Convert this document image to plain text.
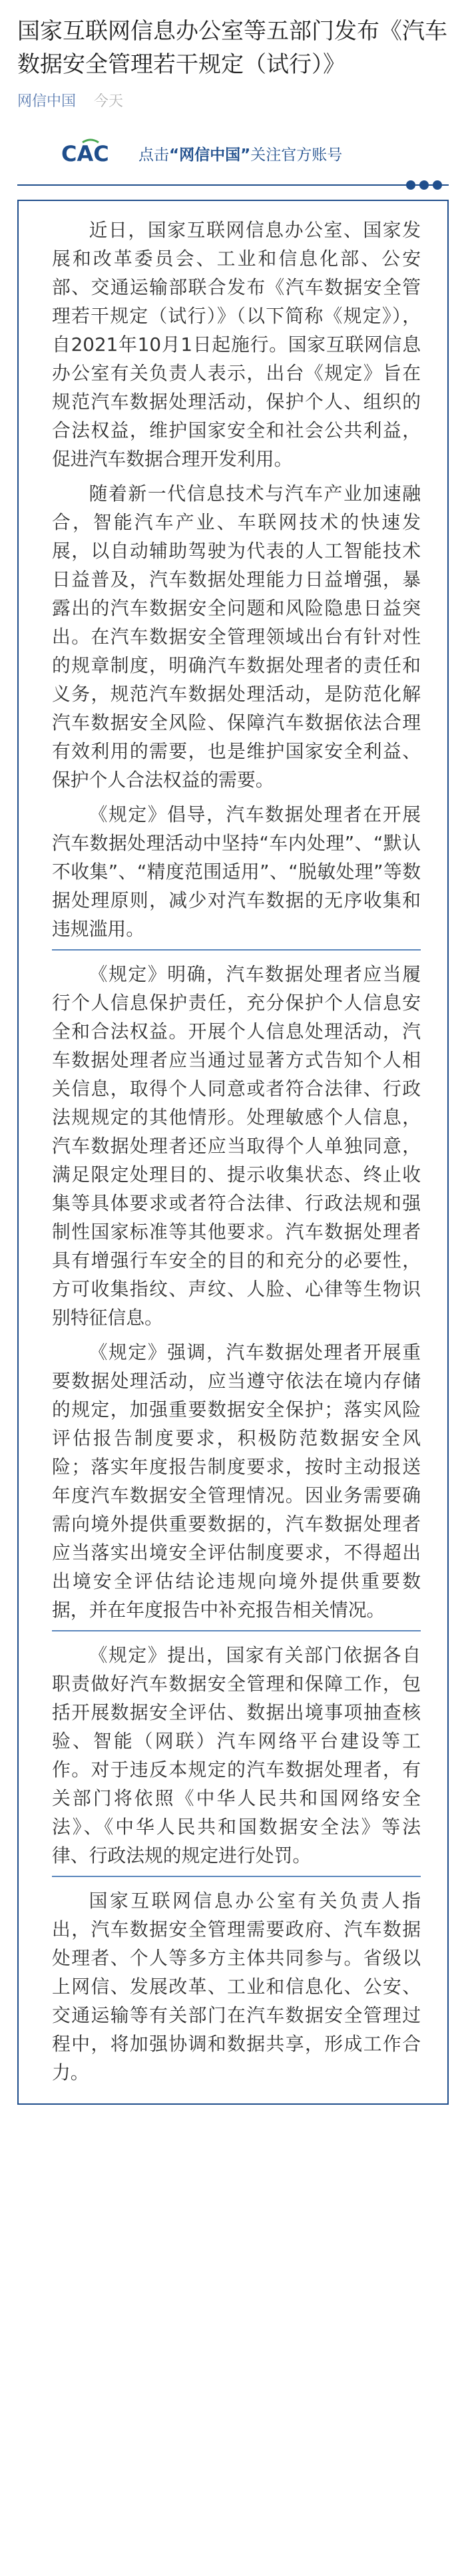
国家互联网信息办公室等五部门发布《汽车数据安全管理若干规定（试行）》
网信中国 今天
CAC 点击“网信中国”关注官方账号

近日，国家互联网信息办公室、国家发展和改革委员会、工业和信息化部、公安部、交通运输部联合发布《汽车数据安全管理若干规定（试行）》（以下简称《规定》），自2021年10月1日起施行。国家互联网信息办公室有关负责人表示，出台《规定》旨在规范汽车数据处理活动，保护个人、组织的合法权益，维护国家安全和社会公共利益，促进汽车数据合理开发利用。

随着新一代信息技术与汽车产业加速融合，智能汽车产业、车联网技术的快速发展，以自动辅助驾驶为代表的人工智能技术日益普及，汽车数据处理能力日益增强，暴露出的汽车数据安全问题和风险隐患日益突出。在汽车数据安全管理领域出台有针对性的规章制度，明确汽车数据处理者的责任和义务，规范汽车数据处理活动，是防范化解汽车数据安全风险、保障汽车数据依法合理有效利用的需要，也是维护国家安全利益、保护个人合法权益的需要。

《规定》倡导，汽车数据处理者在开展汽车数据处理活动中坚持“车内处理”、“默认不收集”、“精度范围适用”、“脱敏处理”等数据处理原则，减少对汽车数据的无序收集和违规滥用。

《规定》明确，汽车数据处理者应当履行个人信息保护责任，充分保护个人信息安全和合法权益。开展个人信息处理活动，汽车数据处理者应当通过显著方式告知个人相关信息，取得个人同意或者符合法律、行政法规规定的其他情形。处理敏感个人信息，汽车数据处理者还应当取得个人单独同意，满足限定处理目的、提示收集状态、终止收集等具体要求或者符合法律、行政法规和强制性国家标准等其他要求。汽车数据处理者具有增强行车安全的目的和充分的必要性，方可收集指纹、声纹、人脸、心律等生物识别特征信息。

《规定》强调，汽车数据处理者开展重要数据处理活动，应当遵守依法在境内存储的规定，加强重要数据安全保护；落实风险评估报告制度要求，积极防范数据安全风险；落实年度报告制度要求，按时主动报送年度汽车数据安全管理情况。因业务需要确需向境外提供重要数据的，汽车数据处理者应当落实出境安全评估制度要求，不得超出出境安全评估结论违规向境外提供重要数据，并在年度报告中补充报告相关情况。

《规定》提出，国家有关部门依据各自职责做好汽车数据安全管理和保障工作，包括开展数据安全评估、数据出境事项抽查核验、智能（网联）汽车网络平台建设等工作。对于违反本规定的汽车数据处理者，有关部门将依照《中华人民共和国网络安全法》、《中华人民共和国数据安全法》等法律、行政法规的规定进行处罚。

国家互联网信息办公室有关负责人指出，汽车数据安全管理需要政府、汽车数据处理者、个人等多方主体共同参与。省级以上网信、发展改革、工业和信息化、公安、交通运输等有关部门在汽车数据安全管理过程中，将加强协调和数据共享，形成工作合力。
